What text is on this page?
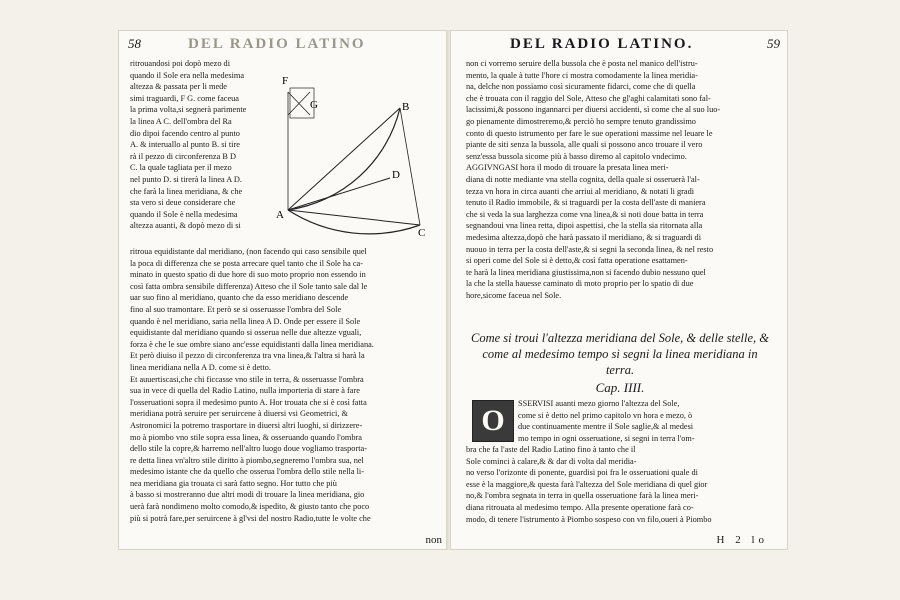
58	DEL RADIO LATINO
ritrouandosi poi dopò mezo di
quando il Sole era nella medesima
altezza & passata per li mede
simi traguardi, F G. come faceua
la prima volta,si segnerà parimente
la linea A C. dell'ombra del Ra
dio dipoi facendo centro al punto
A. & interuallo al punto B. si tire
rà il pezzo di circonferenza B D
C. la quale tagliata per il mezo
nel punto D. si tirerà la linea A D.
che farà la linea meridiana, & che
sta vero si deue considerare che
quando il Sole è nella medesima
altezza auanti, & dopò mezo di si
F
G
A
B
D
C
ritroua equidistante dal meridiano, (non facendo qui caso sensibile quel
la poca di differenza che se posta arrecare quel tanto che il Sole ha ca-
minato in questo spatio di due hore di suo moto proprio non essendo in
così fatta ombra sensibile differenza) Atteso che il Sole tanto sale dal le
uar suo fino al meridiano, quanto che da esso meridiano descende
fino al suo tramontare. Et però se si osseruasse l'ombra del Sole
quando è nel meridiano, saria nella linea A D. Onde per essere il Sole
equidistante dal meridiano quando si osserua nelle due altezze vguali,
forza è che le sue ombre siano anc'esse equidistanti dalla linea meridiana.
Et però diuiso il pezzo di circonferenza tra vna linea,& l'altra si harà la
linea meridiana nella A D. come si è detto.
Et auuertiscasi,che chi ficcasse vno stile in terra, & osseruasse l'ombra
sua in vece di quella del Radio Latino, nulla importeria di stare à fare
l'osseruationi sopra il medesimo punto A. Hor trouata che si è così fatta
meridiana potrà seruire per seruircene à diuersi vsi Geometrici, &
Astronomici la potremo trasportare in diuersi altri luoghi, si dirizzere-
mo à piombo vno stile sopra essa linea, & osseruando quando l'ombra
dello stile la copre,& harremo nell'altro luogo doue vogliamo trasporta-
re detta linea vn'altro stile diritto à piombo,segneremo l'ombra sua, nel
medesimo istante che da quello che osserua l'ombra dello stile nella li-
nea meridiana gia trouata ci sarà fatto segno. Hor tutto che più
à basso si mostreranno due altri modi di trouare la linea meridiana, gio
uerà farà nondimeno molto comodo,& ispedito, & giusto tanto che poco
più si potrà fare,per seruircene à gl'vsi del nostro Radio,tutte le volte che
non
DEL RADIO LATINO.	59
non ci vorremo seruire della bussola che è posta nel manico dell'istru-
mento, la quale à tutte l'hore ci mostra comodamente la linea meridia-
na, delche non possiamo così sicuramente fidarci, come che di quella
che è trouata con il raggio del Sole, Atteso che gl'aghi calamitati sono fal-
lacissimi,& possono ingannarci per diuersi accidenti, sì come che al suo luo-
go pienamente dimostreremo,& perciò ho sempre tenuto grandissimo
conto di questo istrumento per fare le sue operationi massime nel leuare le
piante de siti senza la bussola, alle quali si possono anco trouare il vero
senz'essa bussola sicome più à basso diremo al capitolo vndecimo.
AGGIVNGASI hora il modo di trouare la presata linea meri-
diana di notte mediante vna stella cognita, della quale si osseruerà l'al-
tezza vn hora in circa auanti che arriui al meridiano, & notati li gradi
tenuto il Radio immobile, & si traguardi per la costa dell'aste di maniera
che si veda la sua larghezza come vna linea,& si noti doue batta in terra
segnandoui vna linea retta, dipoi aspettisi, che la stella sia ritornata alla
medesima altezza,dopò che harà passato il meridiano, & si traguardi di
nuouo in terra per la costa dell'aste,& si segni la seconda linea, & nel resto
si operi come del Sole si è detto,& così fatta operatione esattamen-
te harà la linea meridiana giustissima,non si facendo dubio nessuno quel
la che la stella hauesse caminato di moto proprio per lo spatio di due
hore,sicome faceua nel Sole.
Come si troui l'altezza meridiana del Sole, & delle stelle, & come al medesimo tempo si segni la linea meridiana in terra.
Cap. IIII.
O
SSERVISI auanti mezo giorno l'altezza del Sole,
come si è detto nel primo capitolo vn hora e mezo, ò
due continuamente mentre il Sole saglie,& al medesi
mo tempo in ogni osseruatione, si segni in terra l'om-
bra che fa l'aste del Radio Latino fino à tanto che il
Sole cominci à calare,& & dar di volta dal meridia-
no verso l'orizonte di ponente, guardisi poi fra le osseruationi quale di
esse è la maggiore,& questa farà l'altezza del Sole meridiana di quel gior
no,& l'ombra segnata in terra in quella osseruatione farà la linea meri-
diana ritrouata al medesimo tempo. Alla presente operatione farà co-
modo, di tenere l'istrumento à Piombo sospeso con vn filo,oueri à Piombo
H 2 lo
